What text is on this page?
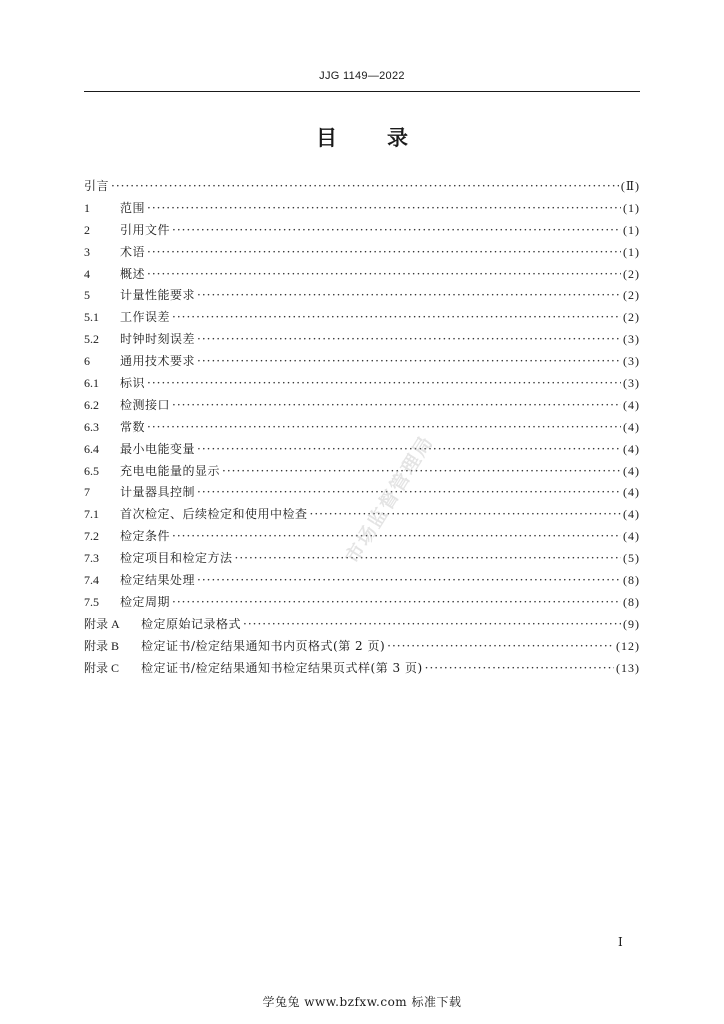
JJG 1149—2022
目录
引言 ·····	(Ⅱ)
1	范围 ·····	(1)
2	引用文件 ·····	(1)
3	术语 ·····	(1)
4	概述 ·····	(2)
5	计量性能要求 ·····	(2)
5.1	工作误差 ·····	(2)
5.2	时钟时刻误差 ·····	(3)
6	通用技术要求 ·····	(3)
6.1	标识 ·····	(3)
6.2	检测接口 ·····	(4)
6.3	常数 ·····	(4)
6.4	最小电能变量 ·····	(4)
6.5	充电电能量的显示 ·····	(4)
7	计量器具控制 ·····	(4)
7.1	首次检定、后续检定和使用中检查 ·····	(4)
7.2	检定条件 ·····	(4)
7.3	检定项目和检定方法 ·····	(5)
7.4	检定结果处理 ·····	(8)
7.5	检定周期 ·····	(8)
附录 A	检定原始记录格式 ·····	(9)
附录 B	检定证书/检定结果通知书内页格式(第 2 页) ·····	(12)
附录 C	检定证书/检定结果通知书检定结果页式样(第 3 页) ·····	(13)
市场监督管理局
Ⅰ
学兔兔 www.bzfxw.com 标准下载
